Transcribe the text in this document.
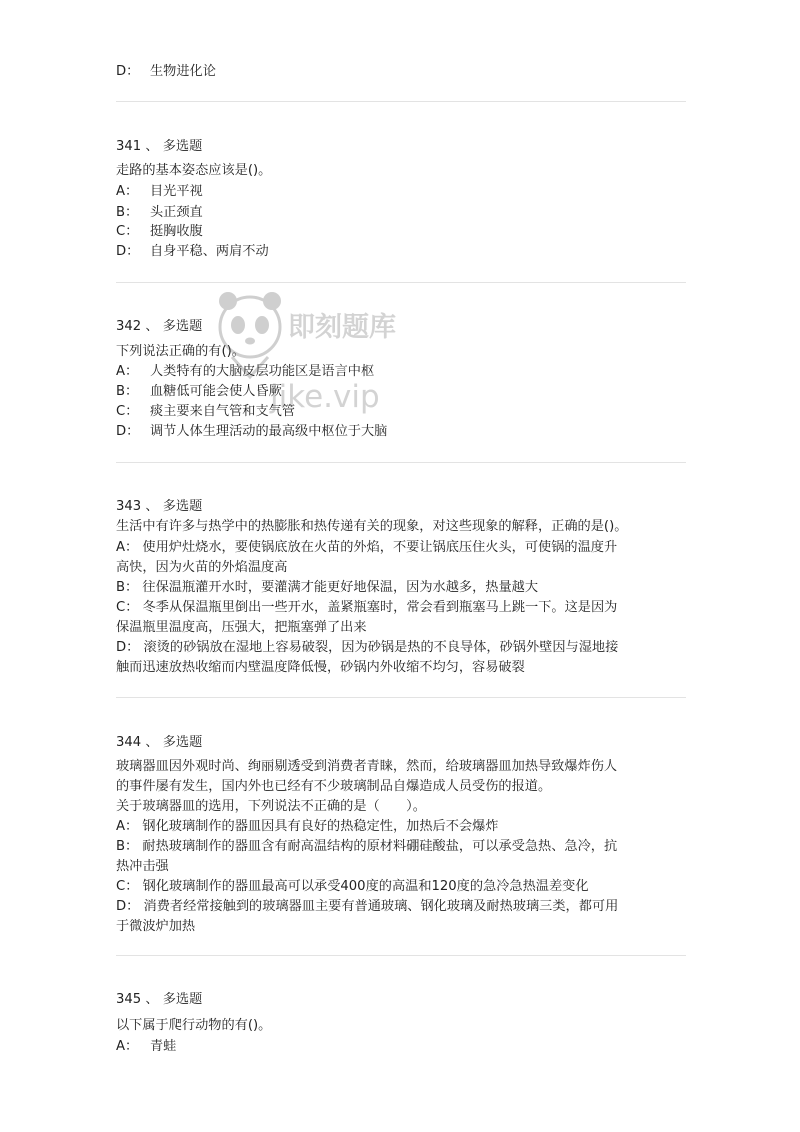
D： 生物进化论
341 、 多选题
走路的基本姿态应该是()。
A： 目光平视
B： 头正颈直
C： 挺胸收腹
D： 自身平稳、两肩不动
342 、 多选题
下列说法正确的有()。
A： 人类特有的大脑皮层功能区是语言中枢
B： 血糖低可能会使人昏厥
C： 痰主要来自气管和支气管
D： 调节人体生理活动的最高级中枢位于大脑
343 、 多选题
生活中有许多与热学中的热膨胀和热传递有关的现象，对这些现象的解释，正确的是()。
A： 使用炉灶烧水，要使锅底放在火苗的外焰，不要让锅底压住火头，可使锅的温度升
高快，因为火苗的外焰温度高
B： 往保温瓶灌开水时，要灌满才能更好地保温，因为水越多，热量越大
C： 冬季从保温瓶里倒出一些开水，盖紧瓶塞时，常会看到瓶塞马上跳一下。这是因为
保温瓶里温度高，压强大，把瓶塞弹了出来
D： 滚烫的砂锅放在湿地上容易破裂，因为砂锅是热的不良导体，砂锅外壁因与湿地接
触而迅速放热收缩而内壁温度降低慢，砂锅内外收缩不均匀，容易破裂
344 、 多选题
玻璃器皿因外观时尚、绚丽剔透受到消费者青睐，然而，给玻璃器皿加热导致爆炸伤人
的事件屡有发生，国内外也已经有不少玻璃制品自爆造成人员受伤的报道。
关于玻璃器皿的选用，下列说法不正确的是（　　）。
A： 钢化玻璃制作的器皿因具有良好的热稳定性，加热后不会爆炸
B： 耐热玻璃制作的器皿含有耐高温结构的原材料硼硅酸盐，可以承受急热、急冷，抗
热冲击强
C： 钢化玻璃制作的器皿最高可以承受400度的高温和120度的急冷急热温差变化
D： 消费者经常接触到的玻璃器皿主要有普通玻璃、钢化玻璃及耐热玻璃三类，都可用
于微波炉加热
345 、 多选题
以下属于爬行动物的有()。
A： 青蛙
即刻题库
jike.vip
